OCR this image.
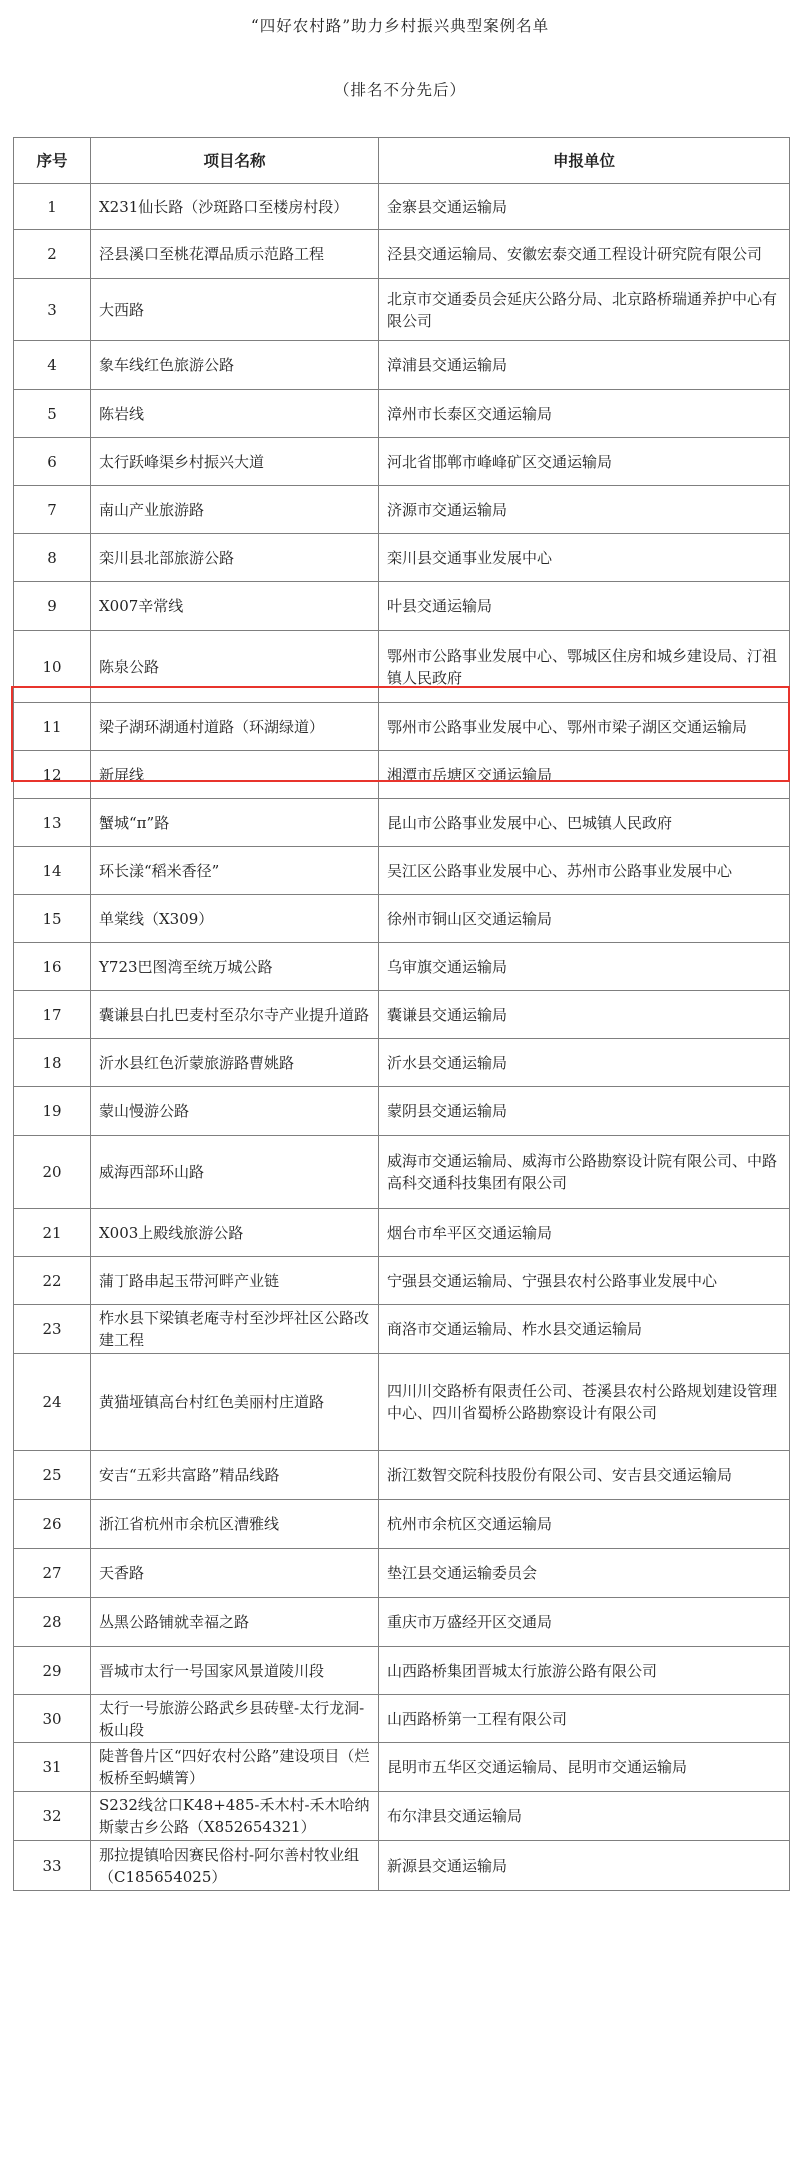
“四好农村路”助力乡村振兴典型案例名单
（排名不分先后）
序号	项目名称	申报单位
1	X231仙长路（沙斑路口至楼房村段）	金寨县交通运输局
2	泾县溪口至桃花潭品质示范路工程	泾县交通运输局、安徽宏泰交通工程设计研究院有限公司
3	大西路	北京市交通委员会延庆公路分局、北京路桥瑞通养护中心有限公司
4	象车线红色旅游公路	漳浦县交通运输局
5	陈岩线	漳州市长泰区交通运输局
6	太行跃峰渠乡村振兴大道	河北省邯郸市峰峰矿区交通运输局
7	南山产业旅游路	济源市交通运输局
8	栾川县北部旅游公路	栾川县交通事业发展中心
9	X007辛常线	叶县交通运输局
10	陈泉公路	鄂州市公路事业发展中心、鄂城区住房和城乡建设局、汀祖镇人民政府
11	梁子湖环湖通村道路（环湖绿道）	鄂州市公路事业发展中心、鄂州市梁子湖区交通运输局
12	新屏线	湘潭市岳塘区交通运输局
13	蟹城“π”路	昆山市公路事业发展中心、巴城镇人民政府
14	环长漾“稻米香径”	吴江区公路事业发展中心、苏州市公路事业发展中心
15	单棠线（X309）	徐州市铜山区交通运输局
16	Y723巴图湾至统万城公路	乌审旗交通运输局
17	囊谦县白扎巴麦村至尕尔寺产业提升道路	囊谦县交通运输局
18	沂水县红色沂蒙旅游路曹姚路	沂水县交通运输局
19	蒙山慢游公路	蒙阴县交通运输局
20	威海西部环山路	威海市交通运输局、威海市公路勘察设计院有限公司、中路高科交通科技集团有限公司
21	X003上殿线旅游公路	烟台市牟平区交通运输局
22	蒲丁路串起玉带河畔产业链	宁强县交通运输局、宁强县农村公路事业发展中心
23	柞水县下梁镇老庵寺村至沙坪社区公路改建工程	商洛市交通运输局、柞水县交通运输局
24	黄猫垭镇高台村红色美丽村庄道路	四川川交路桥有限责任公司、苍溪县农村公路规划建设管理中心、四川省蜀桥公路勘察设计有限公司
25	安吉“五彩共富路”精品线路	浙江数智交院科技股份有限公司、安吉县交通运输局
26	浙江省杭州市余杭区漕雅线	杭州市余杭区交通运输局
27	天香路	垫江县交通运输委员会
28	丛黑公路铺就幸福之路	重庆市万盛经开区交通局
29	晋城市太行一号国家风景道陵川段	山西路桥集团晋城太行旅游公路有限公司
30	太行一号旅游公路武乡县砖壁-太行龙洞-板山段	山西路桥第一工程有限公司
31	陡普鲁片区“四好农村公路”建设项目（烂板桥至蚂蟥箐）	昆明市五华区交通运输局、昆明市交通运输局
32	S232线岔口K48+485-禾木村-禾木哈纳斯蒙古乡公路（X852654321）	布尔津县交通运输局
33	那拉提镇哈因赛民俗村-阿尔善村牧业组（C185654025）	新源县交通运输局
